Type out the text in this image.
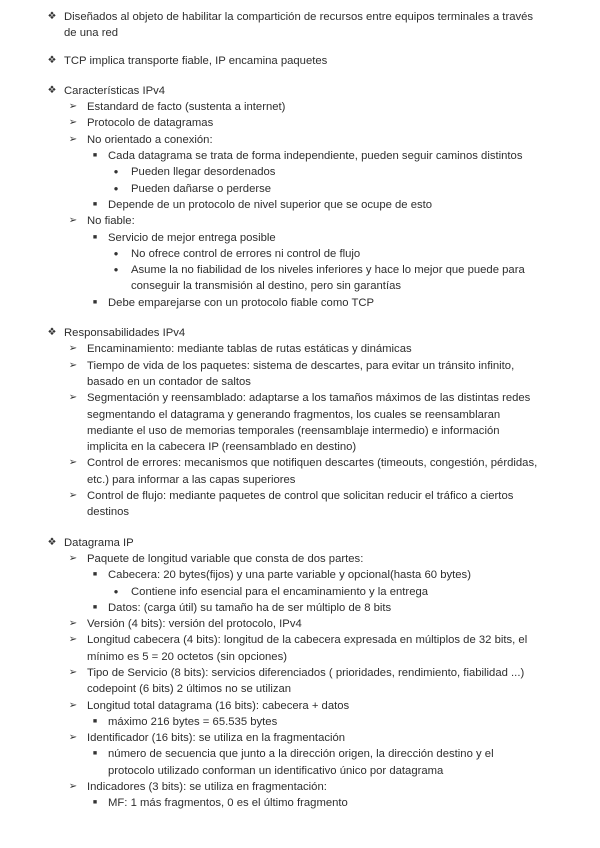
❖ Diseñados al objeto de habilitar la compartición de recursos entre equipos terminales a través
de una red
❖ TCP implica transporte fiable, IP encamina paquetes
❖ Características IPv4
➢ Estandard de facto (sustenta a internet)
➢ Protocolo de datagramas
➢ No orientado a conexión:
■ Cada datagrama se trata de forma independiente, pueden seguir caminos distintos
●	Pueden llegar desordenados
●	Pueden dañarse o perderse
■ Depende de un protocolo de nivel superior que se ocupe de esto
➢ No fiable:
■ Servicio de mejor entrega posible
●	No ofrece control de errores ni control de flujo
●	Asume la no fiabilidad de los niveles inferiores y hace lo mejor que puede para
conseguir la transmisión al destino, pero sin garantías
■ Debe emparejarse con un protocolo fiable como TCP
❖ Responsabilidades IPv4
➢ Encaminamiento: mediante tablas de rutas estáticas y dinámicas
➢ Tiempo de vida de los paquetes: sistema de descartes, para evitar un tránsito infinito,
basado en un contador de saltos
➢ Segmentación y reensamblado: adaptarse a los tamaños máximos de las distintas redes
segmentando el datagrama y generando fragmentos, los cuales se reensamblaran
mediante el uso de memorias temporales (reensamblaje intermedio) e información
implicita en la cabecera IP (reensamblado en destino)
➢ Control de errores: mecanismos que notifiquen descartes (timeouts, congestión, pérdidas,
etc.) para informar a las capas superiores
➢ Control de flujo: mediante paquetes de control que solicitan reducir el tráfico a ciertos
destinos
❖ Datagrama IP
➢ Paquete de longitud variable que consta de dos partes:
■ Cabecera: 20 bytes(fijos) y una parte variable y opcional(hasta 60 bytes)
●	Contiene info esencial para el encaminamiento y la entrega
■ Datos: (carga útil) su tamaño ha de ser múltiplo de 8 bits
➢ Versión (4 bits): versión del protocolo, IPv4
➢ Longitud cabecera (4 bits): longitud de la cabecera expresada en múltiplos de 32 bits, el
mínimo es 5 = 20 octetos (sin opciones)
➢ Tipo de Servicio (8 bits): servicios diferenciados ( prioridades, rendimiento, fiabilidad ...)
codepoint (6 bits) 2 últimos no se utilizan
➢ Longitud total datagrama (16 bits): cabecera + datos
■ máximo 216 bytes = 65.535 bytes
➢ Identificador (16 bits): se utiliza en la fragmentación
■ número de secuencia que junto a la dirección origen, la dirección destino y el
protocolo utilizado conforman un identificativo único por datagrama
➢ Indicadores (3 bits): se utiliza en fragmentación:
■ MF: 1 más fragmentos, 0 es el último fragmento
